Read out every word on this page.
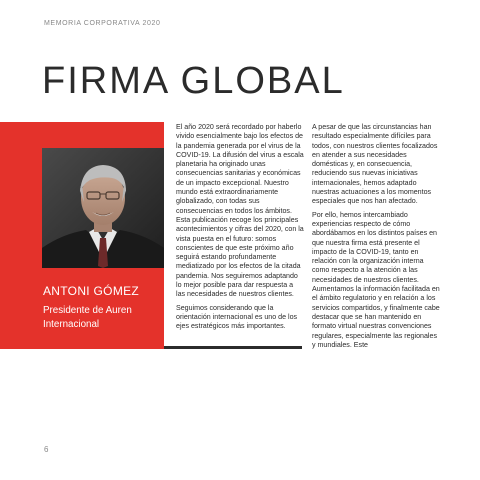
MEMORIA CORPORATIVA 2020
FIRMA GLOBAL
ANTONI GÓMEZ
Presidente de Auren Internacional

El año 2020 será recordado por haberlo vivido esencialmente bajo los efectos de la pandemia generada por el virus de la COVID-19. La difusión del virus a escala planetaria ha originado unas consecuencias sanitarias y económicas de un impacto excepcional. Nuestro mundo está extraordinariamente globalizado, con todas sus consecuencias en todos los ámbitos. Esta publicación recoge los principales acontecimientos y cifras del 2020, con la vista puesta en el futuro: somos conscientes de que este próximo año seguirá estando profundamente mediatizado por los efectos de la citada pandemia. Nos seguiremos adaptando lo mejor posible para dar respuesta a las necesidades de nuestros clientes.

Seguimos considerando que la orientación internacional es uno de los ejes estratégicos más importantes.

A pesar de que las circunstancias han resultado especialmente difíciles para todos, con nuestros clientes focalizados en atender a sus necesidades domésticas y, en consecuencia, reduciendo sus nuevas iniciativas internacionales, hemos adaptado nuestras actuaciones a los momentos especiales que nos han afectado.

Por ello, hemos intercambiado experiencias respecto de cómo abordábamos en los distintos países en que nuestra firma está presente el impacto de la COVID-19, tanto en relación con la organización interna como respecto a la atención a las necesidades de nuestros clientes. Aumentamos la información facilitada en el ámbito regulatorio y en relación a los servicios compartidos, y finalmente cabe destacar que se han mantenido en formato virtual nuestras convenciones regulares, especialmente las regionales y mundiales. Este

6
